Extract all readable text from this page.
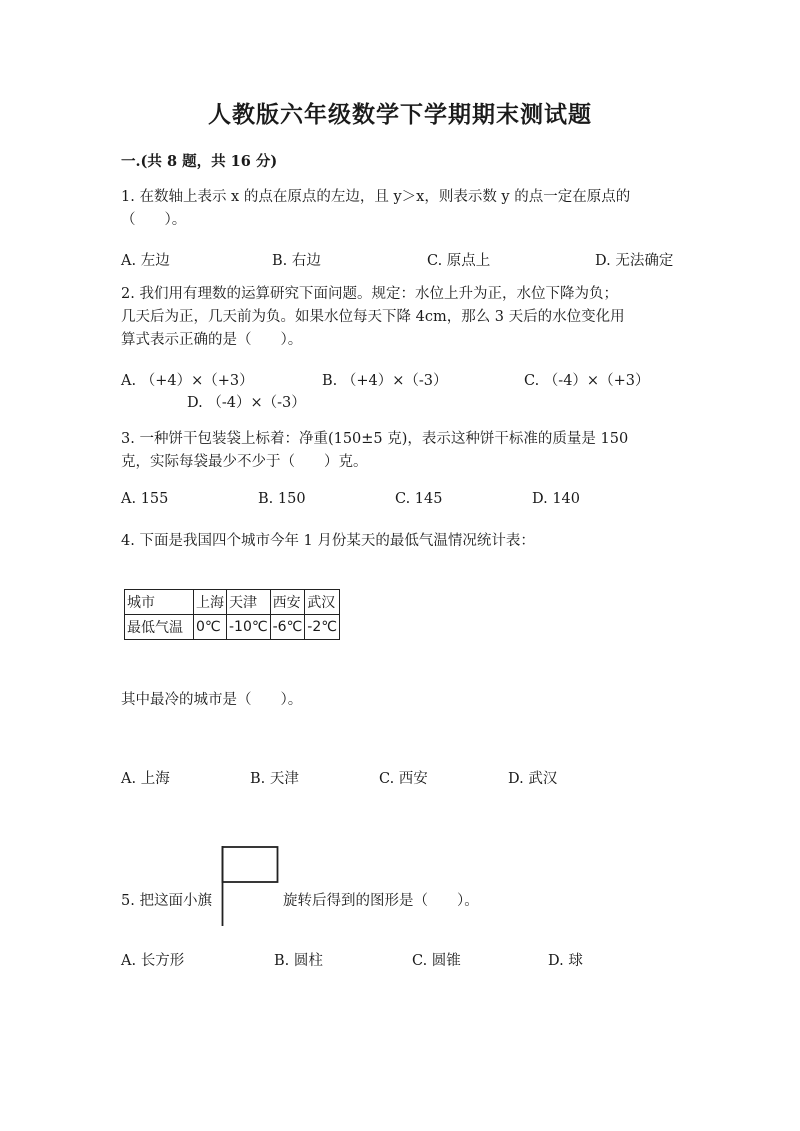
人教版六年级数学下学期期末测试题
一.(共 8 题，共 16 分)
1. 在数轴上表示 x 的点在原点的左边，且 y＞x，则表示数 y 的点一定在原点的
（　　）。
A. 左边	B. 右边	C. 原点上	D. 无法确定
2. 我们用有理数的运算研究下面问题。规定：水位上升为正，水位下降为负；
几天后为正，几天前为负。如果水位每天下降 4cm，那么 3 天后的水位变化用
算式表示正确的是（　　）。
A. （+4）×（+3）	B. （+4）×（-3）	C. （-4）×（+3）
D. （-4）×（-3）
3. 一种饼干包装袋上标着：净重(150±5 克)，表示这种饼干标准的质量是 150
克，实际每袋最少不少于（　　）克。
A. 155	B. 150	C. 145	D. 140
4. 下面是我国四个城市今年 1 月份某天的最低气温情况统计表：
城市	上海	天津	西安	武汉
最低气温	0℃	-10℃	-6℃	-2℃
其中最冷的城市是（　　）。
A. 上海	B. 天津	C. 西安	D. 武汉
5. 把这面小旗	旋转后得到的图形是（　　）。
A. 长方形	B. 圆柱	C. 圆锥	D. 球
